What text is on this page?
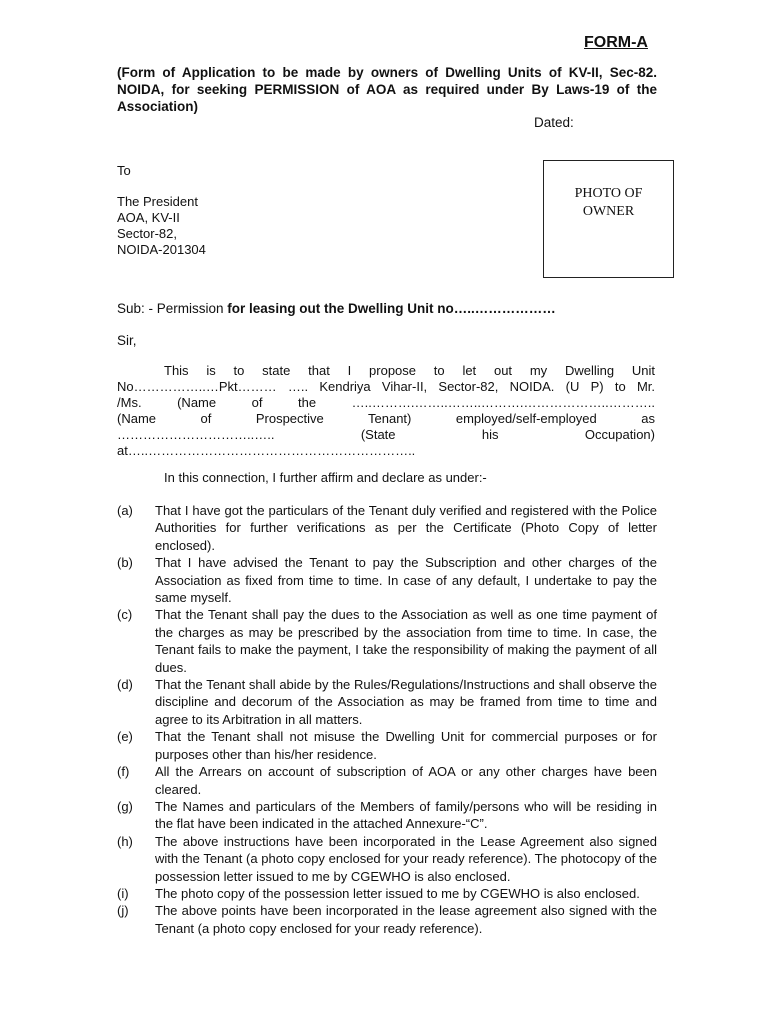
FORM-A
(Form of Application to be made by owners of Dwelling Units of KV-II, Sec-82. NOIDA, for seeking PERMISSION of AOA as required under By Laws-19 of the Association)
Dated:
To
The President
AOA, KV-II
Sector-82,
NOIDA-201304
PHOTO OF
OWNER
Sub: - Permission for leasing out the Dwelling Unit no…..………………
Sir,
This is to state that I propose to let out my Dwelling Unit
No……………..…Pkt……… ….. Kendriya Vihar-II, Sector-82, NOIDA. (U P) to Mr.
/Ms. (Name of the …..……….……..……..……….………………..………..
(Name of Prospective Tenant) employed/self-employed as
…………………………..….. (State his Occupation)
at…..……………………………………………………..
In this connection, I further affirm and declare as under:-
(a) That I have got the particulars of the Tenant duly verified and registered with the Police Authorities for further verifications as per the Certificate (Photo Copy of letter enclosed).
(b) That I have advised the Tenant to pay the Subscription and other charges of the Association as fixed from time to time. In case of any default, I undertake to pay the same myself.
(c) That the Tenant shall pay the dues to the Association as well as one time payment of the charges as may be prescribed by the association from time to time. In case, the Tenant fails to make the payment, I take the responsibility of making the payment of all dues.
(d) That the Tenant shall abide by the Rules/Regulations/Instructions and shall observe the discipline and decorum of the Association as may be framed from time to time and agree to its Arbitration in all matters.
(e) That the Tenant shall not misuse the Dwelling Unit for commercial purposes or for purposes other than his/her residence.
(f) All the Arrears on account of subscription of AOA or any other charges have been cleared.
(g) The Names and particulars of the Members of family/persons who will be residing in the flat have been indicated in the attached Annexure-“C”.
(h) The above instructions have been incorporated in the Lease Agreement also signed with the Tenant (a photo copy enclosed for your ready reference). The photocopy of the possession letter issued to me by CGEWHO is also enclosed.
(i) The photo copy of the possession letter issued to me by CGEWHO is also enclosed.
(j) The above points have been incorporated in the lease agreement also signed with the Tenant (a photo copy enclosed for your ready reference).
